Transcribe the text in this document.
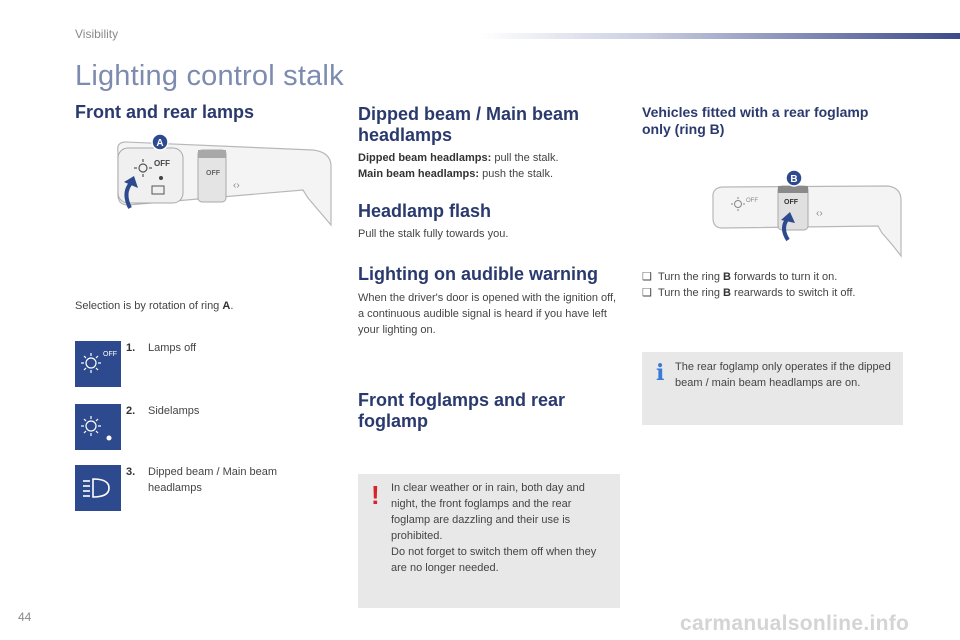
Visibility
Lighting control stalk
Front and rear lamps
OFF
OFF
‹›
A
Selection is by rotation of ring A.
OFF
1. Lamps off
2. Sidelamps
3. Dipped beam / Main beam headlamps
Dipped beam / Main beam headlamps
Dipped beam headlamps: pull the stalk.
Main beam headlamps: push the stalk.
Headlamp flash
Pull the stalk fully towards you.
Lighting on audible warning
When the driver's door is opened with the ignition off, a continuous audible signal is heard if you have left your lighting on.
Front foglamps and rear foglamp
! In clear weather or in rain, both day and night, the front foglamps and the rear foglamp are dazzling and their use is prohibited.
Do not forget to switch them off when they are no longer needed.
Vehicles fitted with a rear foglamp only (ring B)
OFF	OFF
‹›
B
❑ Turn the ring B forwards to turn it on.
❑ Turn the ring B rearwards to switch it off.
i The rear foglamp only operates if the dipped beam / main beam headlamps are on.
44	carmanualsonline.info
